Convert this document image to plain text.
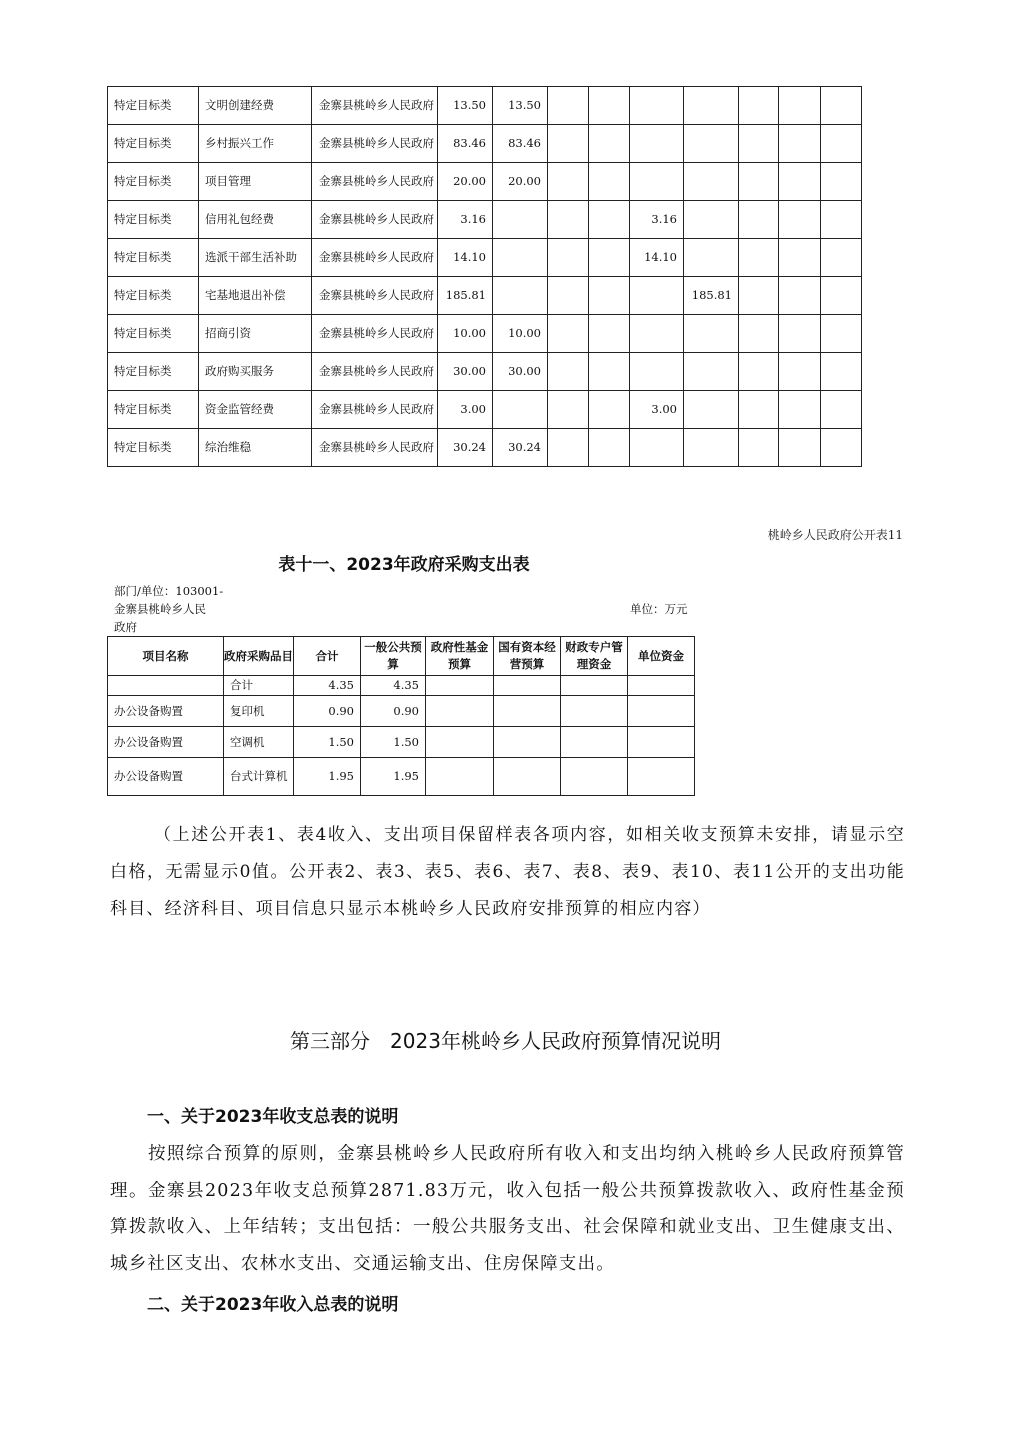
特定目标类	文明创建经费	金寨县桃岭乡人民政府	13.50	13.50							
特定目标类	乡村振兴工作	金寨县桃岭乡人民政府	83.46	83.46							
特定目标类	项目管理	金寨县桃岭乡人民政府	20.00	20.00							
特定目标类	信用礼包经费	金寨县桃岭乡人民政府	3.16				3.16				
特定目标类	选派干部生活补助	金寨县桃岭乡人民政府	14.10				14.10				
特定目标类	宅基地退出补偿	金寨县桃岭乡人民政府	185.81					185.81			
特定目标类	招商引资	金寨县桃岭乡人民政府	10.00	10.00							
特定目标类	政府购买服务	金寨县桃岭乡人民政府	30.00	30.00							
特定目标类	资金监管经费	金寨县桃岭乡人民政府	3.00				3.00				
特定目标类	综治维稳	金寨县桃岭乡人民政府	30.24	30.24							
桃岭乡人民政府公开表11
表十一、2023年政府采购支出表
部门/单位：103001-
金寨县桃岭乡人民
政府
单位：万元
项目名称	政府采购品目	合计	一般公共预算	政府性基金预算	国有资本经营预算	财政专户管理资金	单位资金
	合计	4.35	4.35				
办公设备购置	复印机	0.90	0.90				
办公设备购置	空调机	1.50	1.50				
办公设备购置	台式计算机	1.95	1.95				
（上述公开表1、表4收入、支出项目保留样表各项内容，如相关收支预算未安排，请显示空白格，无需显示0值。公开表2、表3、表5、表6、表7、表8、表9、表10、表11公开的支出功能科目、经济科目、项目信息只显示本桃岭乡人民政府安排预算的相应内容）
第三部分　2023年桃岭乡人民政府预算情况说明
一、关于2023年收支总表的说明
按照综合预算的原则，金寨县桃岭乡人民政府所有收入和支出均纳入桃岭乡人民政府预算管理。金寨县2023年收支总预算2871.83万元，收入包括一般公共预算拨款收入、政府性基金预算拨款收入、上年结转；支出包括：一般公共服务支出、社会保障和就业支出、卫生健康支出、城乡社区支出、农林水支出、交通运输支出、住房保障支出。
二、关于2023年收入总表的说明
